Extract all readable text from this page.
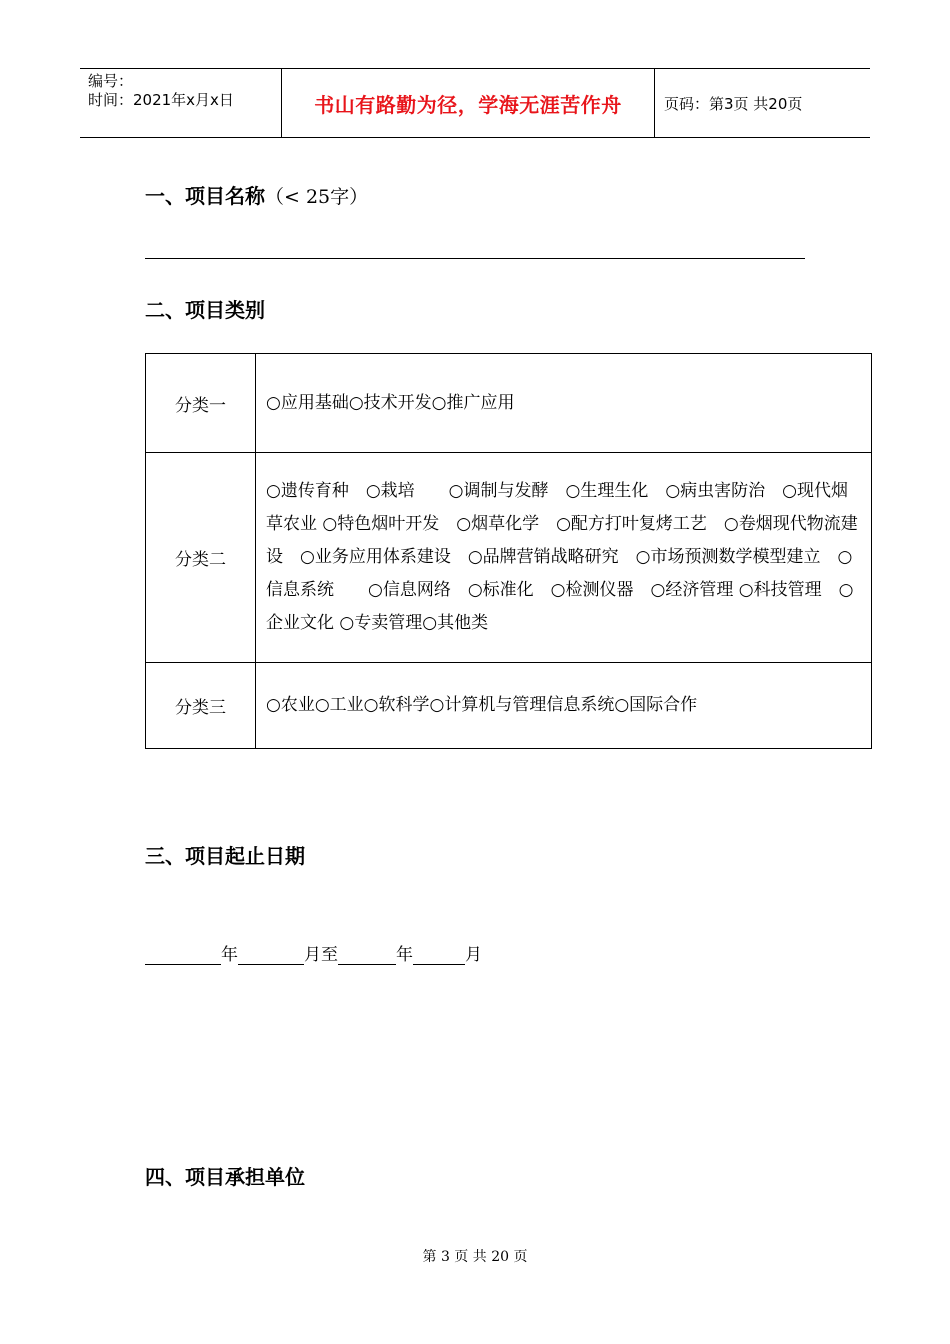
编号：
时间：2021年x月x日	书山有路勤为径，学海无涯苦作舟	页码：第3页 共20页
一、项目名称（< 25字）
二、项目类别
分类一	○应用基础○技术开发○推广应用
分类二	○遗传育种　○栽培　　○调制与发酵　○生理生化　○病虫害防治　○现代烟草农业 ○特色烟叶开发　○烟草化学　○配方打叶复烤工艺　○卷烟现代物流建设　○业务应用体系建设　○品牌营销战略研究　○市场预测数学模型建立　○信息系统　　○信息网络　○标准化　○检测仪器　○经济管理 ○科技管理　○企业文化 ○专卖管理○其他类
分类三	○农业○工业○软科学○计算机与管理信息系统○国际合作
三、项目起止日期
年	月至	年	月
四、项目承担单位
第 3 页 共 20 页
